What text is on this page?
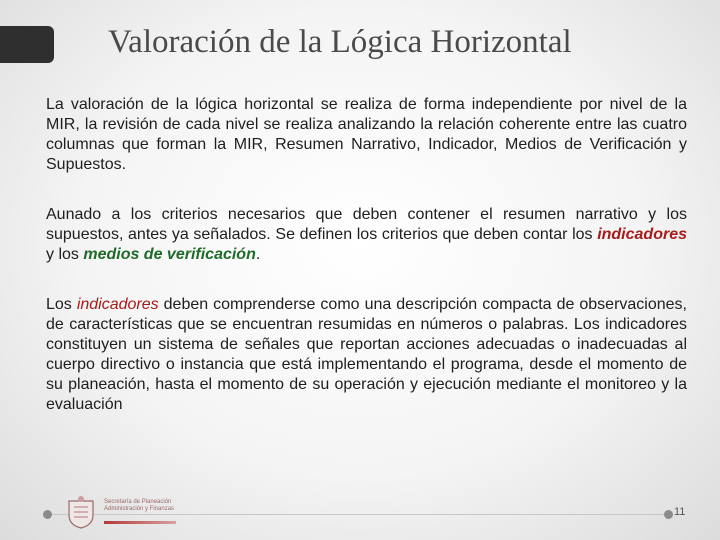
Valoración de la Lógica Horizontal

La valoración de la lógica horizontal se realiza de forma independiente por nivel de la MIR, la revisión de cada nivel se realiza analizando la relación coherente entre las cuatro columnas que forman la MIR, Resumen Narrativo, Indicador, Medios de Verificación y Supuestos.

Aunado a los criterios necesarios que deben contener el resumen narrativo y los supuestos, antes ya señalados. Se definen los criterios que deben contar los indicadores y los medios de verificación.

Los indicadores deben comprenderse como una descripción compacta de observaciones, de características que se encuentran resumidas en números o palabras. Los indicadores constituyen un sistema de señales que reportan acciones adecuadas o inadecuadas al cuerpo directivo o instancia que está implementando el programa, desde el momento de su planeación, hasta el momento de su operación y ejecución mediante el monitoreo y la evaluación

Secretaría de Planeación Administración y Finanzas	11
